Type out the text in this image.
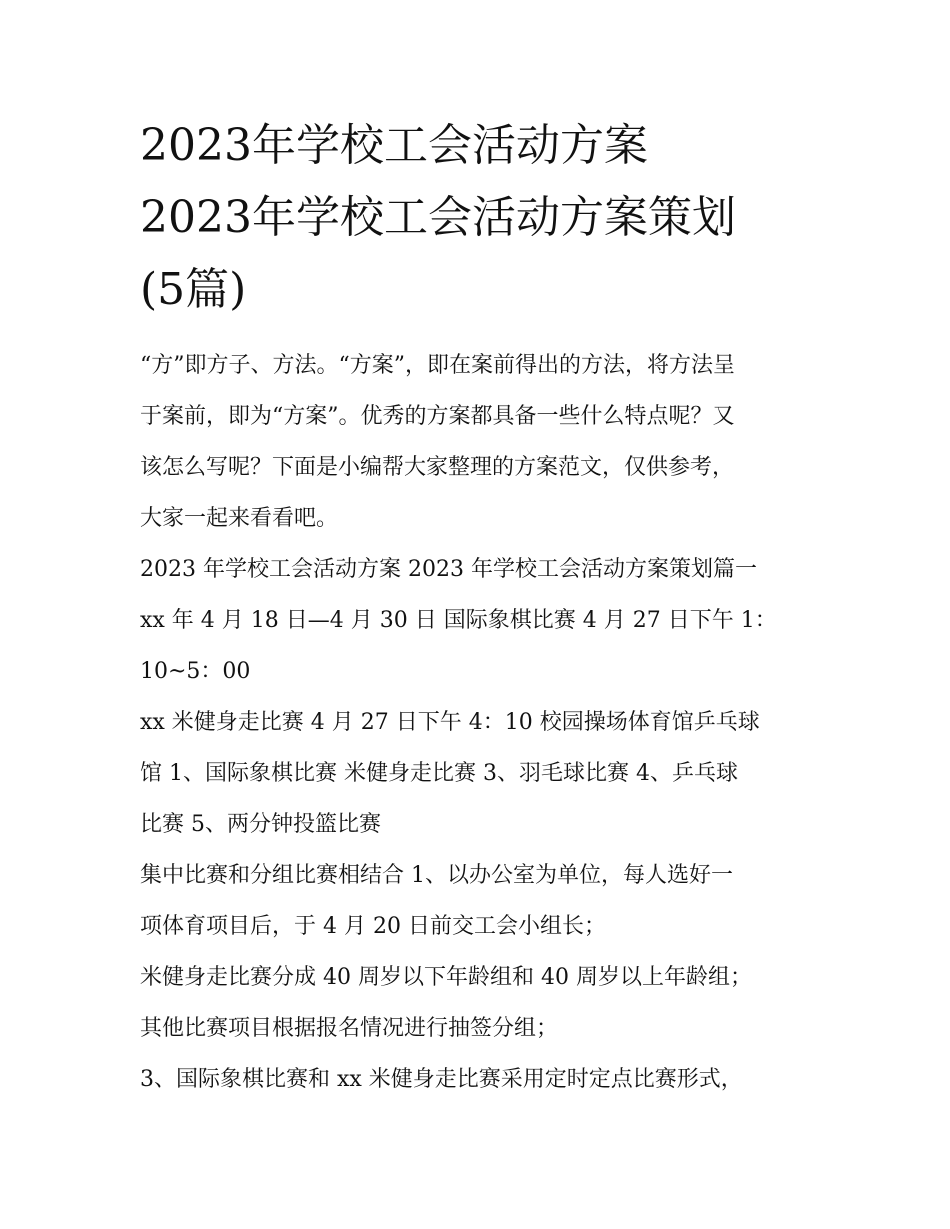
2023年学校工会活动方案
2023年学校工会活动方案策划
(5篇)
“方”即方子、方法。“方案”，即在案前得出的方法，将方法呈
于案前，即为“方案”。优秀的方案都具备一些什么特点呢？又
该怎么写呢？下面是小编帮大家整理的方案范文，仅供参考，
大家一起来看看吧。
2023 年学校工会活动方案 2023 年学校工会活动方案策划篇一
xx 年 4 月 18 日—4 月 30 日 国际象棋比赛 4 月 27 日下午 1：
10~5：00
xx 米健身走比赛 4 月 27 日下午 4：10 校园操场体育馆乒乓球
馆 1、国际象棋比赛 米健身走比赛 3、羽毛球比赛 4、乒乓球
比赛 5、两分钟投篮比赛
集中比赛和分组比赛相结合 1、以办公室为单位，每人选好一
项体育项目后，于 4 月 20 日前交工会小组长；
米健身走比赛分成 40 周岁以下年龄组和 40 周岁以上年龄组；
其他比赛项目根据报名情况进行抽签分组；
3、国际象棋比赛和 xx 米健身走比赛采用定时定点比赛形式，
